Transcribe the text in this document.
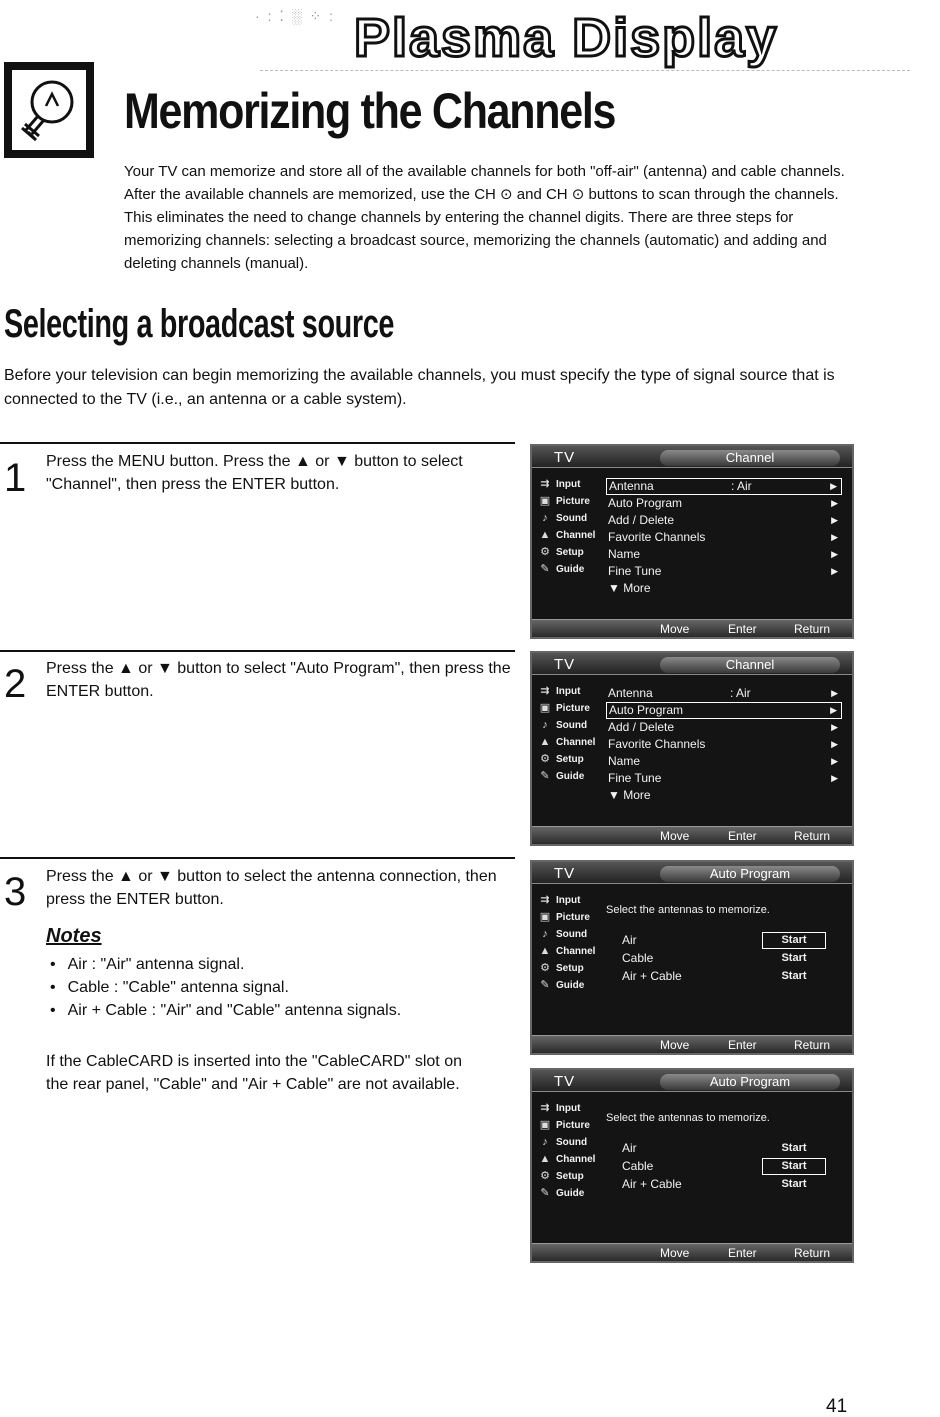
· : ⁚ ░ ⁘ : Plasma Display
Memorizing the Channels

Your TV can memorize and store all of the available channels for both "off-air" (antenna) and cable channels. After the available channels are memorized, use the CH ⊙ and CH ⊙ buttons to scan through the channels. This eliminates the need to change channels by entering the channel digits. There are three steps for memorizing channels: selecting a broadcast source, memorizing the channels (automatic) and adding and deleting channels (manual).

Selecting a broadcast source

Before your television can begin memorizing the available channels, you must specify the type of signal source that is connected to the TV (i.e., an antenna or a cable system).

1 Press the MENU button. Press the ▲ or ▼ button to select "Channel", then press the ENTER button.

2 Press the ▲ or ▼ button to select "Auto Program", then press the ENTER button.

3 Press the ▲ or ▼ button to select the antenna connection, then press the ENTER button.

Notes
• Air : "Air" antenna signal.
• Cable : "Cable" antenna signal.
• Air + Cable : "Air" and "Cable" antenna signals.

If the CableCARD is inserted into the "CableCARD" slot on the rear panel, "Cable" and "Air + Cable" are not available.

TV	Channel
⇉ Input
▣ Picture
♪ Sound
▲ Channel
⚙ Setup
✎ Guide
Antenna	: Air	▶
Auto Program	▶
Add / Delete	▶
Favorite Channels	▶
Name	▶
Fine Tune	▶
▼ More
Move	Enter	Return
TV	Channel
⇉ Input
▣ Picture
♪ Sound
▲ Channel
⚙ Setup
✎ Guide
Antenna	: Air	▶
Auto Program	▶
Add / Delete	▶
Favorite Channels	▶
Name	▶
Fine Tune	▶
▼ More
Move	Enter	Return
TV	Auto Program
⇉ Input
▣ Picture
♪ Sound
▲ Channel
⚙ Setup
✎ Guide
Select the antennas to memorize.
Air	Start
Cable	Start
Air + Cable	Start
Move	Enter	Return
TV	Auto Program
⇉ Input
▣ Picture
♪ Sound
▲ Channel
⚙ Setup
✎ Guide
Select the antennas to memorize.
Air	Start
Cable	Start
Air + Cable	Start
Move	Enter	Return
41
